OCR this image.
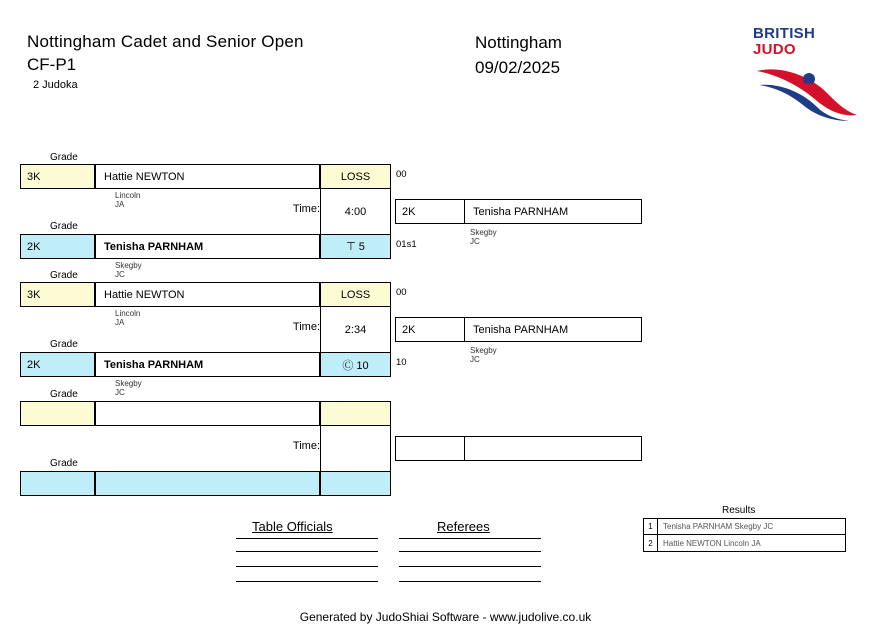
Nottingham Cadet and Senior Open
CF-P1
2 Judoka
Nottingham
09/02/2025
BRITISH
JUDO
Grade
3K	Hattie NEWTON	LOSS
Lincoln JA
00
Time:	4:00
Grade
2K	Tenisha PARNHAM	⊤ 5
Skegby JC
01s1
2K	Tenisha PARNHAM
Skegby JC
Grade
3K	Hattie NEWTON	LOSS
Lincoln JA
00
Time:	2:34
Grade
2K	Tenisha PARNHAM	Ⓒ 10
Skegby JC
10
2K	Tenisha PARNHAM
Skegby JC
Grade
Time:
Grade
Table Officials	Referees
Results
1	Tenisha PARNHAM Skegby JC
2	Hattie NEWTON Lincoln JA
Generated by JudoShiai Software - www.judolive.co.uk
